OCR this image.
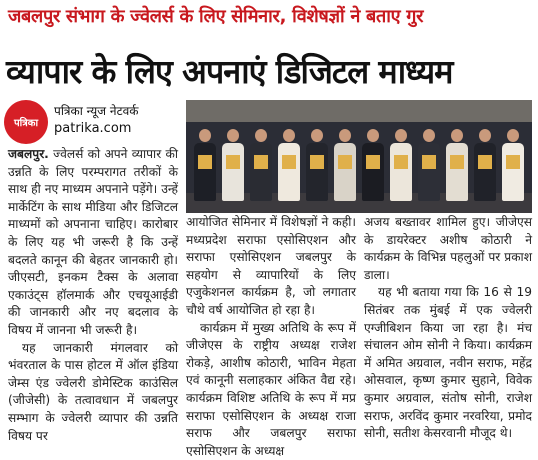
जबलपुर संभाग के ज्वेलर्स के लिए सेमिनार, विशेषज्ञों ने बताए गुर
व्यापार के लिए अपनाएं डिजिटल माध्यम
पत्रिका
पत्रिका न्यूज नेटवर्क
patrika.com

जबलपुर. ज्वेलर्स को अपने व्यापार की उन्नति के लिए परम्परागत तरीकों के साथ ही नए माध्यम अपनाने पड़ेंगे। उन्हें मार्केटिंग के साथ मीडिया और डिजिटल माध्यमों को अपनाना चाहिए। कारोबार के लिए यह भी जरूरी है कि उन्हें बदलते कानून की बेहतर जानकारी हो। जीएसटी, इनकम टैक्स के अलावा एकाउंट्स हॉलमार्क और एचयूआईडी की जानकारी और नए बदलाव के विषय में जानना भी जरूरी है।

यह जानकारी मंगलवार को भंवरताल के पास होटल में ऑल इंडिया जेम्स एंड ज्वेलरी डोमेस्टिक काउंसिल (जीजेसी) के तत्वावधान में जबलपुर सम्भाग के ज्वेलरी व्यापार की उन्नति विषय पर

आयोजित सेमिनार में विशेषज्ञों ने कही। मध्यप्रदेश सराफा एसोसिएशन और सराफा एसोसिएशन जबलपुर के सहयोग से व्यापारियों के लिए एजुकेशनल कार्यक्रम है, जो लगातार चौथे वर्ष आयोजित हो रहा है।

कार्यक्रम में मुख्य अतिथि के रूप में जीजेएस के राष्ट्रीय अध्यक्ष राजेश रोकड़े, आशीष कोठारी, भाविन मेहता एवं कानूनी सलाहकार अंकित वैद्य रहे। कार्यक्रम विशिष्ट अतिथि के रूप में मप्र सराफा एसोसिएशन के अध्यक्ष राजा सराफ और जबलपुर सराफा एसोसिएशन के अध्यक्ष

अजय बख्तावर शामिल हुए। जीजेएस के डायरेक्टर अशीष कोठारी ने कार्यक्रम के विभिन्न पहलुओं पर प्रकाश डाला।

यह भी बताया गया कि 16 से 19 सितंबर तक मुंबई में एक ज्वेलरी एग्जीबिशन किया जा रहा है। मंच संचालन ओम सोनी ने किया। कार्यक्रम में अमित अग्रवाल, नवीन सराफ, महेंद्र ओसवाल, कृष्ण कुमार सुहाने, विवेक कुमार अग्रवाल, संतोष सोनी, राजेश सराफ, अरविंद कुमार नरवरिया, प्रमोद सोनी, सतीश केसरवानी मौजूद थे।
